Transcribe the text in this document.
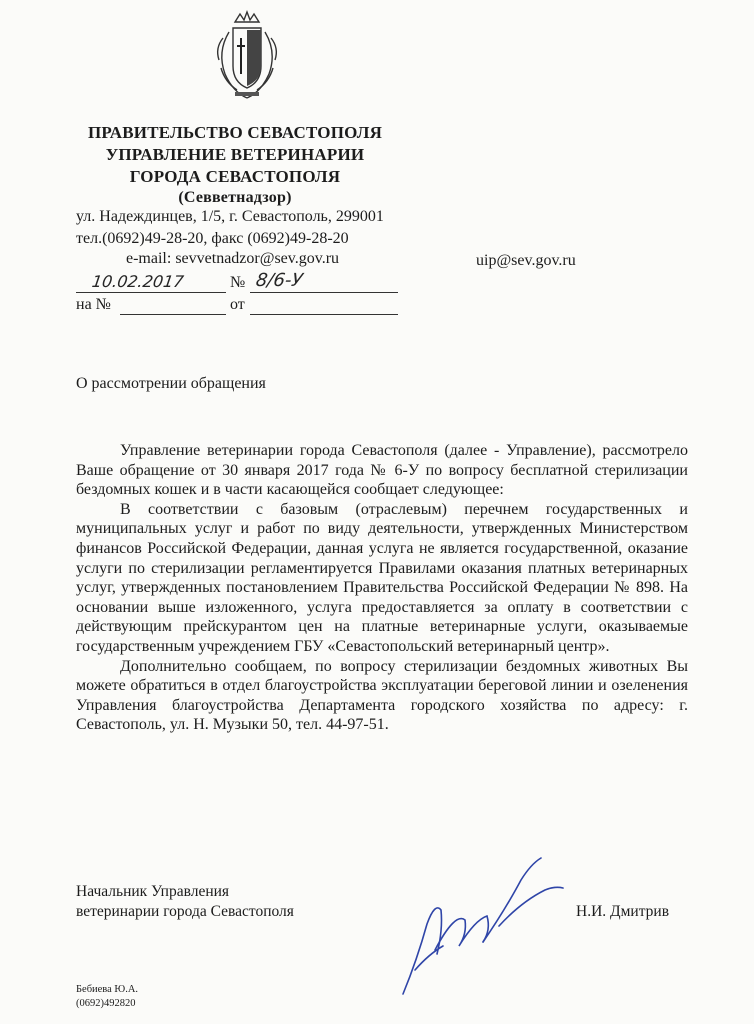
ПРАВИТЕЛЬСТВО СЕВАСТОПОЛЯ
УПРАВЛЕНИЕ ВЕТЕРИНАРИИ
ГОРОДА СЕВАСТОПОЛЯ
(Севветнадзор)
ул. Надеждинцев, 1/5, г. Севастополь, 299001
тел.(0692)49-28-20, факс (0692)49-28-20
e-mail: sevvetnadzor@sev.gov.ru	uip@sev.gov.ru
10.02.2017	№ 8/6-У
на №	от
О рассмотрении обращения

Управление ветеринарии города Севастополя (далее - Управление), рассмотрело Ваше обращение от 30 января 2017 года № 6-У по вопросу бесплатной стерилизации бездомных кошек и в части касающейся сообщает следующее:

В соответствии с базовым (отраслевым) перечнем государственных и муниципальных услуг и работ по виду деятельности, утвержденных Министерством финансов Российской Федерации, данная услуга не является государственной, оказание услуги по стерилизации регламентируется Правилами оказания платных ветеринарных услуг, утвержденных постановлением Правительства Российской Федерации № 898. На основании выше изложенного, услуга предоставляется за оплату в соответствии с действующим прейскурантом цен на платные ветеринарные услуги, оказываемые государственным учреждением ГБУ «Севастопольский ветеринарный центр».

Дополнительно сообщаем, по вопросу стерилизации бездомных животных Вы можете обратиться в отдел благоустройства эксплуатации береговой линии и озеленения Управления благоустройства Департамента городского хозяйства по адресу: г. Севастополь, ул. Н. Музыки 50, тел. 44-97-51.

Начальник Управления
ветеринарии города Севастополя	Н.И. Дмитрив
Бебиева Ю.А.
(0692)492820
